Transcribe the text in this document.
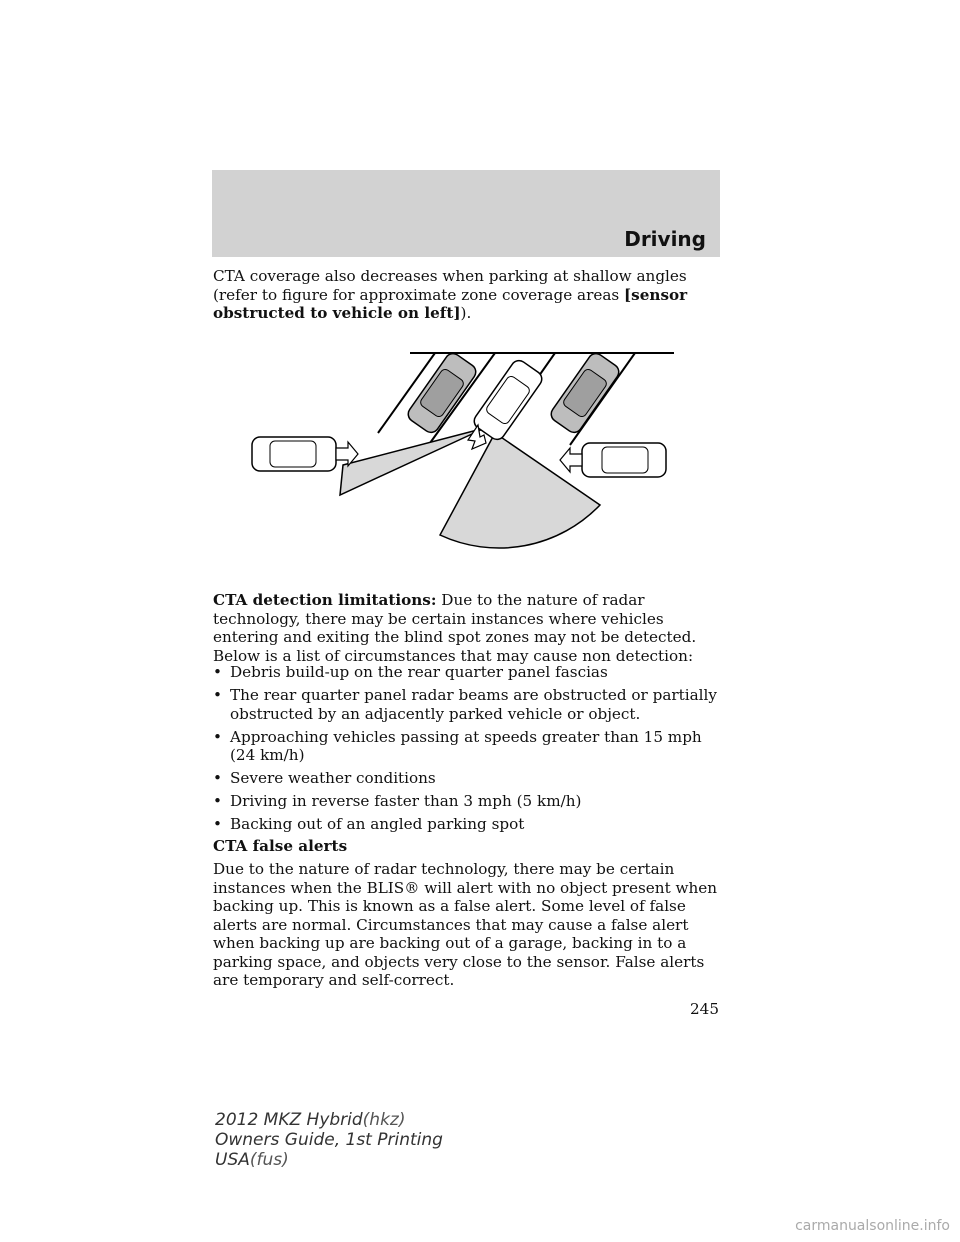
Driving
CTA coverage also decreases when parking at shallow angles (refer to figure for approximate zone coverage areas [sensor obstructed to vehicle on left]).
CTA detection limitations: Due to the nature of radar technology, there may be certain instances where vehicles entering and exiting the blind spot zones may not be detected. Below is a list of circumstances that may cause non detection:
• Debris build-up on the rear quarter panel fascias
• The rear quarter panel radar beams are obstructed or partially obstructed by an adjacently parked vehicle or object.
• Approaching vehicles passing at speeds greater than 15 mph (24 km/h)
• Severe weather conditions
• Driving in reverse faster than 3 mph (5 km/h)
• Backing out of an angled parking spot
CTA false alerts
Due to the nature of radar technology, there may be certain instances when the BLIS® will alert with no object present when backing up. This is known as a false alert. Some level of false alerts are normal. Circumstances that may cause a false alert when backing up are backing out of a garage, backing in to a parking space, and objects very close to the sensor. False alerts are temporary and self-correct.
245
2012 MKZ Hybrid(hkz)
Owners Guide, 1st Printing
USA(fus)
carmanualsonline.info
